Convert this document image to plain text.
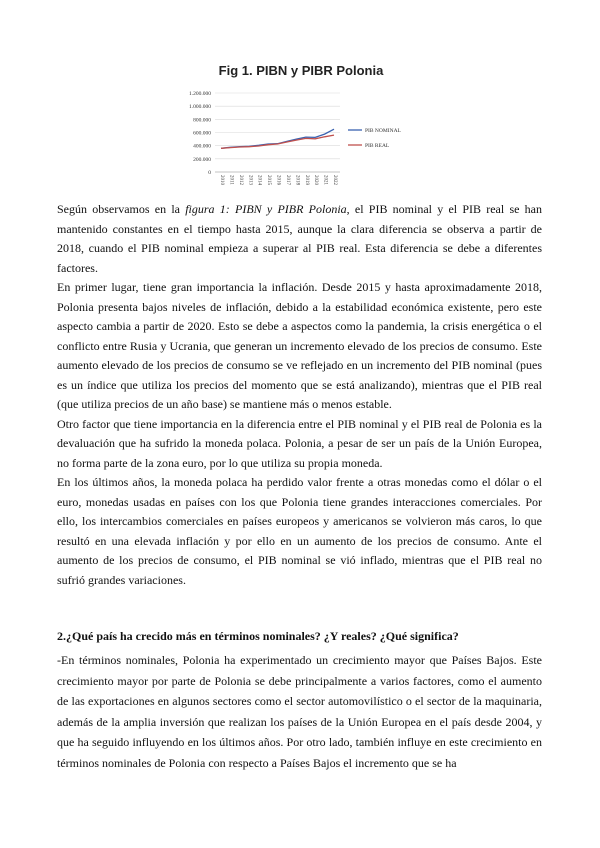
Fig 1. PIBN y PIBR Polonia
1.200.000
1.000.000
800.000
600.000
400.000
200.000
0
2010 2011 2012 2013 2014 2015 2016 2017 2018 2019 2020 2021 2022
PIB NOMINAL
PIB REAL

Según observamos en la figura 1: PIBN y PIBR Polonia, el PIB nominal y el PIB real se han mantenido constantes en el tiempo hasta 2015, aunque la clara diferencia se observa a partir de 2018, cuando el PIB nominal empieza a superar al PIB real. Esta diferencia se debe a diferentes factores.

En primer lugar, tiene gran importancia la inflación. Desde 2015 y hasta aproximadamente 2018, Polonia presenta bajos niveles de inflación, debido a la estabilidad económica existente, pero este aspecto cambia a partir de 2020. Esto se debe a aspectos como la pandemia, la crisis energética o el conflicto entre Rusia y Ucrania, que generan un incremento elevado de los precios de consumo. Este aumento elevado de los precios de consumo se ve reflejado en un incremento del PIB nominal (pues es un índice que utiliza los precios del momento que se está analizando), mientras que el PIB real (que utiliza precios de un año base) se mantiene más o menos estable.

Otro factor que tiene importancia en la diferencia entre el PIB nominal y el PIB real de Polonia es la devaluación que ha sufrido la moneda polaca. Polonia, a pesar de ser un país de la Unión Europea, no forma parte de la zona euro, por lo que utiliza su propia moneda.

En los últimos años, la moneda polaca ha perdido valor frente a otras monedas como el dólar o el euro, monedas usadas en países con los que Polonia tiene grandes interacciones comerciales. Por ello, los intercambios comerciales en países europeos y americanos se volvieron más caros, lo que resultó en una elevada inflación y por ello en un aumento de los precios de consumo. Ante el aumento de los precios de consumo, el PIB nominal se vió inflado, mientras que el PIB real no sufrió grandes variaciones.

2.¿Qué país ha crecido más en términos nominales? ¿Y reales? ¿Qué significa?

-En términos nominales, Polonia ha experimentado un crecimiento mayor que Países Bajos. Este crecimiento mayor por parte de Polonia se debe principalmente a varios factores, como el aumento de las exportaciones en algunos sectores como el sector automovilístico o el sector de la maquinaria, además de la amplia inversión que realizan los países de la Unión Europea en el país desde 2004, y que ha seguido influyendo en los últimos años. Por otro lado, también influye en este crecimiento en términos nominales de Polonia con respecto a Países Bajos el incremento que se ha
